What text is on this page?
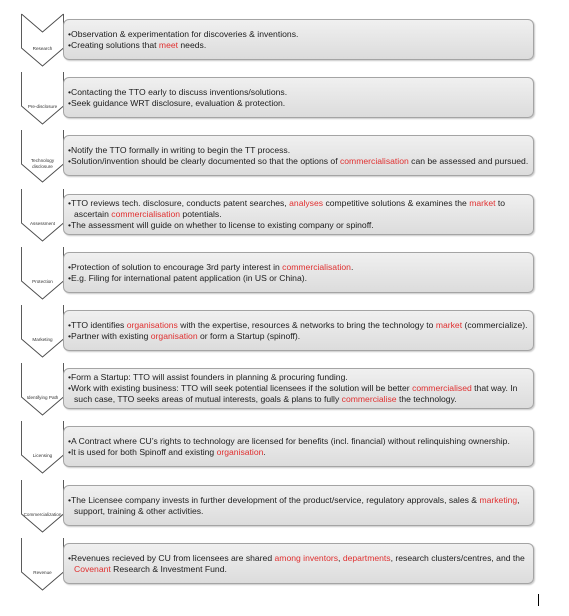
Research
•Observation & experimentation for discoveries & inventions.
•Creating solutions that meet needs.
Pre-disclosure
•Contacting the TTO early to discuss inventions/solutions.
•Seek guidance WRT disclosure, evaluation & protection.
Technology
disclosure
•Notify the TTO formally in writing to begin the TT process.
•Solution/invention should be clearly documented so that the options of commercialisation can be assessed and pursued.
Assessment
•TTO reviews tech. disclosure, conducts patent searches, analyses competitive solutions & examines the market to ascertain commercialisation potentials.
•The assessment will guide on whether to license to existing company or spinoff.
Protection
•Protection of solution to encourage 3rd party interest in commercialisation.
•E.g. Filing for international patent application (in US or China).
Marketing
•TTO identifies organisations with the expertise, resources & networks to bring the technology to market (commercialize).
•Partner with existing organisation or form a Startup (spinoff).
Identifying Path
•Form a Startup: TTO will assist founders in planning & procuring funding.
•Work with existing business: TTO will seek potential licensees if the solution will be better commercialised that way. In such case, TTO seeks areas of mutual interests, goals & plans to fully commercialise the technology.
Licensing
•A Contract where CU’s rights to technology are licensed for benefits (incl. financial) without relinquishing ownership.
•It is used for both Spinoff and existing organisation.
Commercialization
•The Licensee company invests in further development of the product/service, regulatory approvals, sales & marketing, support, training & other activities.
Revenue
•Revenues recieved by CU from licensees are shared among inventors, departments, research clusters/centres, and the Covenant Research & Investment Fund.
